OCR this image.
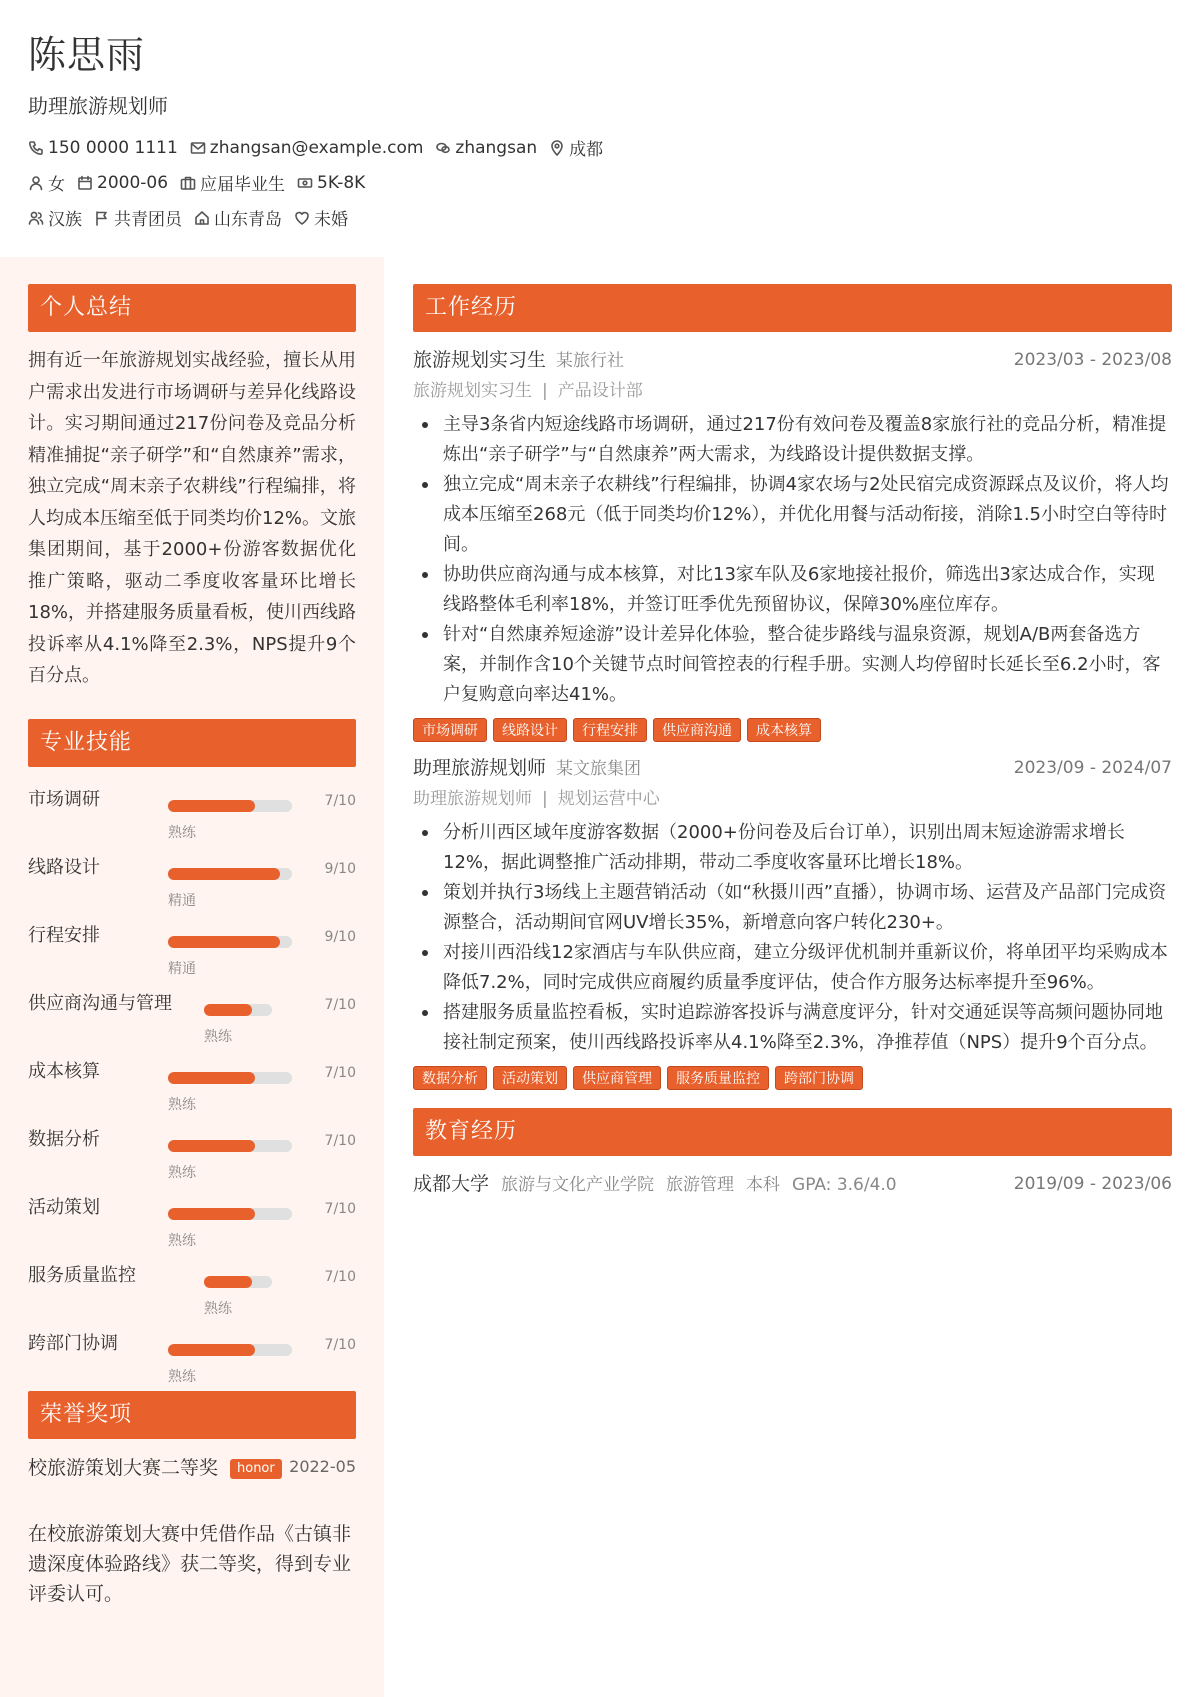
陈思雨
助理旅游规划师
150 0000 1111 zhangsan@example.com zhangsan 成都
女 2000-06 应届毕业生 5K-8K
汉族 共青团员 山东青岛 未婚
个人总结
拥有近一年旅游规划实战经验，擅长从用户需求出发进行市场调研与差异化线路设计。实习期间通过217份问卷及竞品分析精准捕捉“亲子研学”和“自然康养”需求，独立完成“周末亲子农耕线”行程编排，将人均成本压缩至低于同类均价12%。文旅集团期间，基于2000+份游客数据优化推广策略，驱动二季度收客量环比增长18%，并搭建服务质量看板，使川西线路投诉率从4.1%降至2.3%，NPS提升9个百分点。
专业技能
市场调研	7/10
熟练
线路设计	9/10
精通
行程安排	9/10
精通
供应商沟通与管理	7/10
熟练
成本核算	7/10
熟练
数据分析	7/10
熟练
活动策划	7/10
熟练
服务质量监控	7/10
熟练
跨部门协调	7/10
熟练
荣誉奖项
校旅游策划大赛二等奖	honor 2022-05
在校旅游策划大赛中凭借作品《古镇非遗深度体验路线》获二等奖，得到专业评委认可。
工作经历
旅游规划实习生 某旅行社	2023/03 - 2023/08
旅游规划实习生 | 产品设计部
主导3条省内短途线路市场调研，通过217份有效问卷及覆盖8家旅行社的竞品分析，精准提炼出“亲子研学”与“自然康养”两大需求，为线路设计提供数据支撑。
独立完成“周末亲子农耕线”行程编排，协调4家农场与2处民宿完成资源踩点及议价，将人均成本压缩至268元（低于同类均价12%），并优化用餐与活动衔接，消除1.5小时空白等待时间。
协助供应商沟通与成本核算，对比13家车队及6家地接社报价，筛选出3家达成合作，实现线路整体毛利率18%，并签订旺季优先预留协议，保障30%座位库存。
针对“自然康养短途游”设计差异化体验，整合徒步路线与温泉资源，规划A/B两套备选方案，并制作含10个关键节点时间管控表的行程手册。实测人均停留时长延长至6.2小时，客户复购意向率达41%。
市场调研	线路设计	行程安排	供应商沟通	成本核算
助理旅游规划师 某文旅集团	2023/09 - 2024/07
助理旅游规划师 | 规划运营中心
分析川西区域年度游客数据（2000+份问卷及后台订单），识别出周末短途游需求增长12%，据此调整推广活动排期，带动二季度收客量环比增长18%。
策划并执行3场线上主题营销活动（如“秋摄川西”直播），协调市场、运营及产品部门完成资源整合，活动期间官网UV增长35%，新增意向客户转化230+。
对接川西沿线12家酒店与车队供应商，建立分级评优机制并重新议价，将单团平均采购成本降低7.2%，同时完成供应商履约质量季度评估，使合作方服务达标率提升至96%。
搭建服务质量监控看板，实时追踪游客投诉与满意度评分，针对交通延误等高频问题协同地接社制定预案，使川西线路投诉率从4.1%降至2.3%，净推荐值（NPS）提升9个百分点。
数据分析	活动策划	供应商管理	服务质量监控	跨部门协调
教育经历
成都大学 旅游与文化产业学院 旅游管理 本科 GPA: 3.6/4.0	2019/09 - 2023/06
